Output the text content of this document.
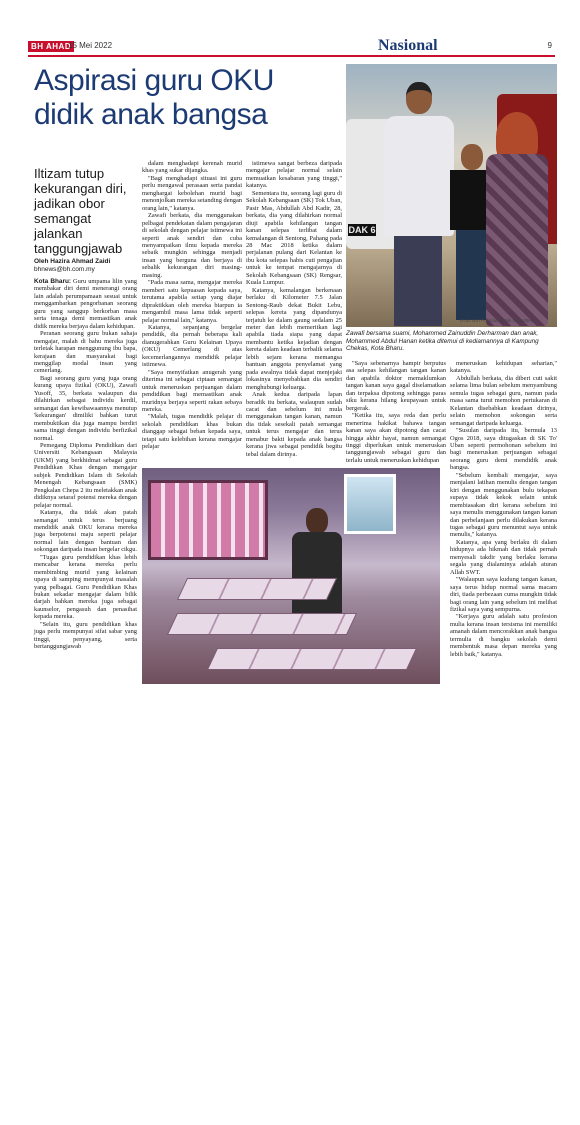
BH AHAD
15 Mei 2022	Nasional	9
Aspirasi guru OKU
didik anak bangsa
DAK 6
(Foto NSTP/Abdullah Nik Omar/BH)
Zawafi bersama suami, Mohammed Zainuddin Derharman dan anak, Mohammed Abdul Hanan ketika ditemui di kediamannya di Kampung Chekas, Kota Bharu.
Iltizam tutup kekurangan diri, jadikan obor semangat jalankan tanggungjawab
Oleh Hazira Ahmad Zaidi
bhnews@bh.com.my

Kota Bharu: Guru umpama lilin yang membakar diri demi menerangi orang lain adalah perumpamaan sesuai untuk menggambarkan pengorbanan seorang guru yang sanggup berkorban masa serta tenaga demi memastikan anak didik mereka berjaya dalam kehidupan.

Peranan seorang guru bukan sahaja mengajar, malah di bahu mereka juga terletak harapan menggunung ibu bapa, kerajaan dan masyarakat bagi menggilap modal insan yang cemerlang.

Bagi seorang guru yang juga orang kurang upaya fizikal (OKU), Zawafi Yusoff, 35, berkata walaupun dia dilahirkan sebagai individu kerdil, semangat dan kewibawaannya menutup 'kekurangan' dimiliki bahkan turut membuktikan dia juga mampu berdiri sama tinggi dengan individu berfizikal normal.

Pemegang Diploma Pendidikan dari Universiti Kebangsaan Malaysia (UKM) yang berkhidmat sebagai guru Pendidikan Khas dengan mengajar subjek Pendidikan Islam di Sekolah Menengah Kebangsaan (SMK) Pengkalan Chepa 2 itu meletakkan anak didiknya setaraf potensi mereka dengan pelajar normal.

Katanya, dia tidak akan patah semangat untuk terus berjuang mendidik anak OKU kerana mereka juga berpotensi maju seperti pelajar normal lain dengan bantuan dan sokongan daripada insan bergelar cikgu.

"Tugas guru pendidikan khas lebih mencabar kerana mereka perlu membimbing murid yang kelainan upaya di samping mempunyai masalah yang pelbagai. Guru Pendidikan Khas bukan sekadar mengajar dalam bilik darjah bahkan mereka juga sebagai kaunselor, pengasuh dan penasihat kepada mereka.

"Selain itu, guru pendidikan khas juga perlu mempunyai sifat sabar yang tinggi, penyayang, serta bertanggungjawab

dalam menghadapi kerenah murid khas yang sukar dijangka.

"Bagi menghadapi situasi ini guru perlu mengawal perasaan serta pandai menghargai kebolehan murid bagi menonjolkan mereka setanding dengan orang lain," katanya.

Zawafi berkata, dia menggunakan pelbagai pendekatan dalam pengajaran di sekolah dengan pelajar istimewa ini seperti anak sendiri dan cuba menyampaikan ilmu kepada mereka sebaik mungkin sehingga menjadi insan yang berguna dan berjaya di sebalik kekurangan diri masing-masing.

"Pada masa sama, mengajar mereka memberi satu kepuasan kepada saya, terutama apabila setiap yang diajar dipraktikkan oleh mereka biarpun ia mengambil masa lama tidak seperti pelajar normal lain," katanya.

Katanya, sepanjang bergelar pendidik, dia pernah beberapa kali dianugerahkan Guru Kelainan Upaya (OKU) Cemerlang di atas kecemerlangannya mendidik pelajar istimewa.

"Saya menyifatkan anugerah yang diterima ini sebagai ciptaan semangat untuk meneruskan perjuangan dalam pendidikan bagi memastikan anak muridnya berjaya seperti rakan sebaya mereka.

"Malah, tugas mendidik pelajar di sekolah pendidikan khas bukan dianggap sebagai beban kepada saya, tetapi satu kelebihan kerana mengajar pelajar

istimewa sangat berbeza daripada mengajar pelajar normal selain memuatkan kesabaran yang tinggi," katanya.

Sementara itu, seorang lagi guru di Sekolah Kebangsaan (SK) Tok Uban, Pasir Mas, Abdullah Abd Kadir, 28, berkata, dia yang dilahirkan normal diuji apabila kehilangan tangan kanan selepas terlibat dalam kemalangan di Sentong, Pahang pada 28 Mac 2018 ketika dalam perjalanan pulang dari Kelantan ke ibu kota selepas habis cuti pengajian untuk ke tempat mengajarnya di Sekolah Kebangsaan (SK) Rengsar, Kuala Lumpur.

Katanya, kemalangan berkenaan berlaku di Kilometer 7.5 Jalan Sentong-Raub dekat Bukit Lebu, selepas kereta yang dipandunya terjatuh ke dalam gaung sedalam 25 meter dan lebih memeritkan lagi apabila tiada siapa yang dapat membantu ketika kejadian dengan kereta dalam keadaan terbalik selama lebih sejam kerana memangsa bantuan anggota penyelamat yang pada awalnya tidak dapat menjejaki lokasinya menyebabkan dia sendiri menghubungi keluarga.

Anak kedua daripada lapan beradik itu berkata, walaupun sudah cacat dan sebelum ini mula menggunakan tangan kanan, namun dia tidak sesekali patah semangat untuk terus mengajar dan terus menabur bakti kepada anak bangsa kerana jiwa sebagai pendidik begitu tebal dalam dirinya.

"Saya sebenarnya hampir berputus asa selepas kehilangan tangan kanan dan apabila doktor memaklumkan tangan kanan saya gagal diselamatkan dan terpaksa dipotong sehingga paras siku kerana hilang keupayaan untuk bergerak.

"Ketika itu, saya reda dan perlu menerima hakikat bahawa tangan kanan saya akan dipotong dan cacat hingga akhir hayat, namun semangat tinggi diperlukan untuk meneruskan tanggungjawab sebagai guru dan terlalu untuk meneruskan kehidupan

meneruskan kehidupan seharian," katanya.

Abdullah berkata, dia diberi cuti sakit selama lima bulan sebelum menyambung semula tugas sebagai guru, namun pada masa sama turut memohon pertukaran di Kelantan disebabkan keadaan dirinya, selain memohon sokongan serta semangat daripada keluarga.

"Susulan daripada itu, bermula 13 Ogos 2018, saya ditugaskan di SK To' Uban seperti permohonan sebelum ini bagi meneruskan perjuangan sebagai seorang guru demi mendidik anak bangsa.

"Sebelum kembali mengajar, saya menjalani latihan menulis dengan tangan kiri dengan menggunakan bulu tekapan supaya tidak kekok selain untuk membiasakan diri kerana sebelum ini saya menulis menggunakan tangan kanan dan perbelanjaan perlu dilakukan kerana tugas sebagai guru menuntut saya untuk menulis," katanya.

Katanya, apa yang berlaku di dalam hidupnya ada hikmah dan tidak pernah menyesali takdir yang berlaku kerana segala yang dialaminya adalah aturan Allah SWT.

"Walaupun saya kudung tangan kanan, saya terus hidup normal sama macam diri, tiada perbezaan cuma mungkin tidak bagi orang lain yang sebelum ini melihat fizikal saya yang sempurna.

"Kerjaya guru adalah satu profesion mulia kerana insan tersisma ini memiliki amanah dalam mencorakkan anak bangsa termulia di bangku sekolah demi membentuk masa depan mereka yang lebih baik," katanya.

Abdullah tidak kekok ditugaskan sebagai guru bertugas menggunakan sebelah tangan di SK To' Uban, Pasir Mas.
